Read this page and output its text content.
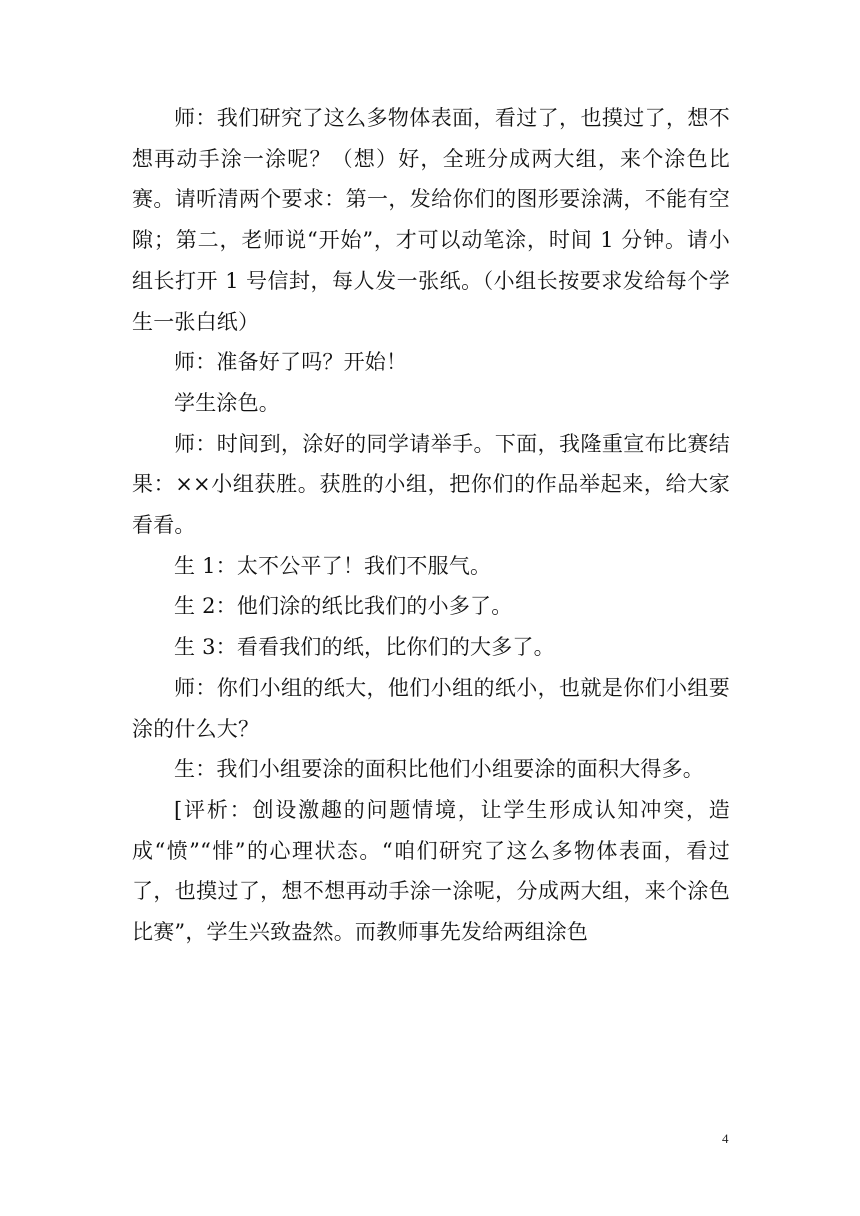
师：我们研究了这么多物体表面，看过了，也摸过了，想不想再动手涂一涂呢？（想）好，全班分成两大组，来个涂色比赛。请听清两个要求：第一，发给你们的图形要涂满，不能有空隙；第二，老师说“开始”，才可以动笔涂，时间 1 分钟。请小组长打开 1 号信封，每人发一张纸。（小组长按要求发给每个学生一张白纸）

师：准备好了吗？开始！

学生涂色。

师：时间到，涂好的同学请举手。下面，我隆重宣布比赛结果：××小组获胜。获胜的小组，把你们的作品举起来，给大家看看。

生 1：太不公平了！我们不服气。

生 2：他们涂的纸比我们的小多了。

生 3：看看我们的纸，比你们的大多了。

师：你们小组的纸大，他们小组的纸小，也就是你们小组要涂的什么大？

生：我们小组要涂的面积比他们小组要涂的面积大得多。

[评析：创设激趣的问题情境，让学生形成认知冲突，造成“愤”“悱”的心理状态。“咱们研究了这么多物体表面，看过了，也摸过了，想不想再动手涂一涂呢，分成两大组，来个涂色比赛”，学生兴致盎然。而教师事先发给两组涂色

4
